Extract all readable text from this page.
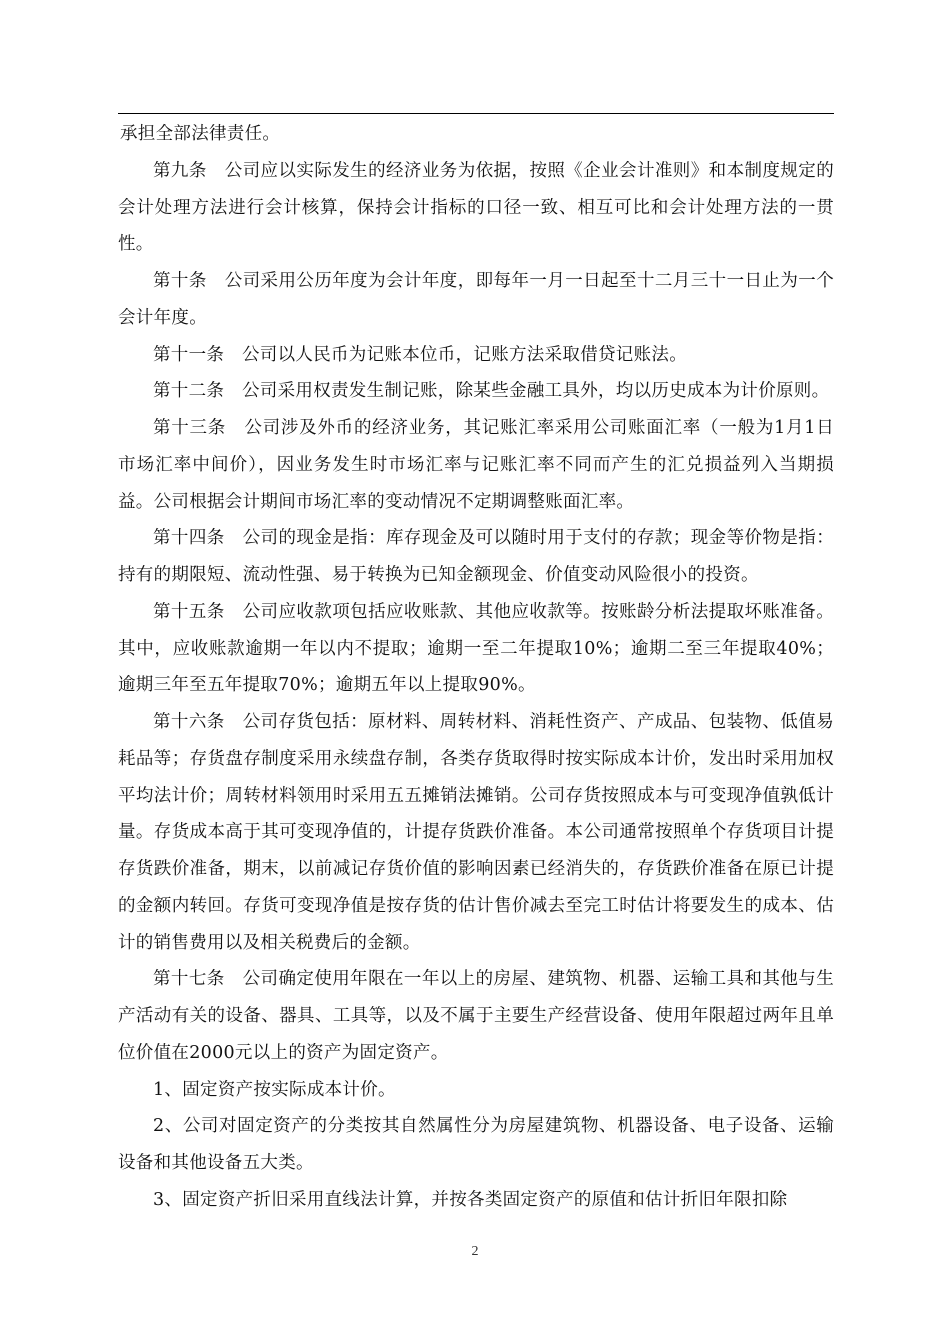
承担全部法律责任。

第九条　公司应以实际发生的经济业务为依据，按照《企业会计准则》和本制度规定的会计处理方法进行会计核算，保持会计指标的口径一致、相互可比和会计处理方法的一贯性。

第十条　公司采用公历年度为会计年度，即每年一月一日起至十二月三十一日止为一个会计年度。

第十一条　公司以人民币为记账本位币，记账方法采取借贷记账法。

第十二条　公司采用权责发生制记账，除某些金融工具外，均以历史成本为计价原则。

第十三条　公司涉及外币的经济业务，其记账汇率采用公司账面汇率（一般为1月1日市场汇率中间价），因业务发生时市场汇率与记账汇率不同而产生的汇兑损益列入当期损益。公司根据会计期间市场汇率的变动情况不定期调整账面汇率。

第十四条　公司的现金是指：库存现金及可以随时用于支付的存款；现金等价物是指：持有的期限短、流动性强、易于转换为已知金额现金、价值变动风险很小的投资。

第十五条　公司应收款项包括应收账款、其他应收款等。按账龄分析法提取坏账准备。其中，应收账款逾期一年以内不提取；逾期一至二年提取10%；逾期二至三年提取40%；逾期三年至五年提取70%；逾期五年以上提取90%。

第十六条　公司存货包括：原材料、周转材料、消耗性资产、产成品、包装物、低值易耗品等；存货盘存制度采用永续盘存制，各类存货取得时按实际成本计价，发出时采用加权平均法计价；周转材料领用时采用五五摊销法摊销。公司存货按照成本与可变现净值孰低计量。存货成本高于其可变现净值的，计提存货跌价准备。本公司通常按照单个存货项目计提存货跌价准备，期末，以前减记存货价值的影响因素已经消失的，存货跌价准备在原已计提的金额内转回。存货可变现净值是按存货的估计售价减去至完工时估计将要发生的成本、估计的销售费用以及相关税费后的金额。

第十七条　公司确定使用年限在一年以上的房屋、建筑物、机器、运输工具和其他与生产活动有关的设备、器具、工具等，以及不属于主要生产经营设备、使用年限超过两年且单位价值在2000元以上的资产为固定资产。

1、固定资产按实际成本计价。

2、公司对固定资产的分类按其自然属性分为房屋建筑物、机器设备、电子设备、运输设备和其他设备五大类。

3、固定资产折旧采用直线法计算，并按各类固定资产的原值和估计折旧年限扣除

2
